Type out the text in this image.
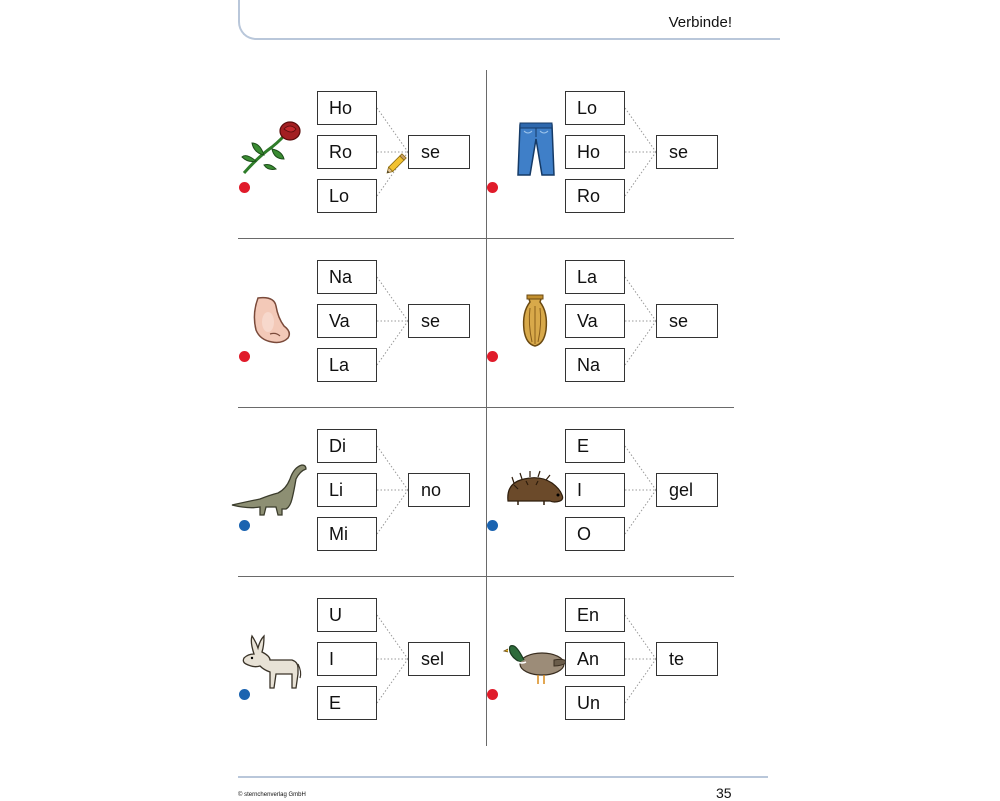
Verbinde!
Ho
Ro
Lo
se
Lo
Ho
Ro
se
Na
Va
La
se
La
Va
Na
se
Di
Li
Mi
no
E
I
O
gel
U
I
E
sel
En
An
Un
te
© sternchenverlag GmbH	35
